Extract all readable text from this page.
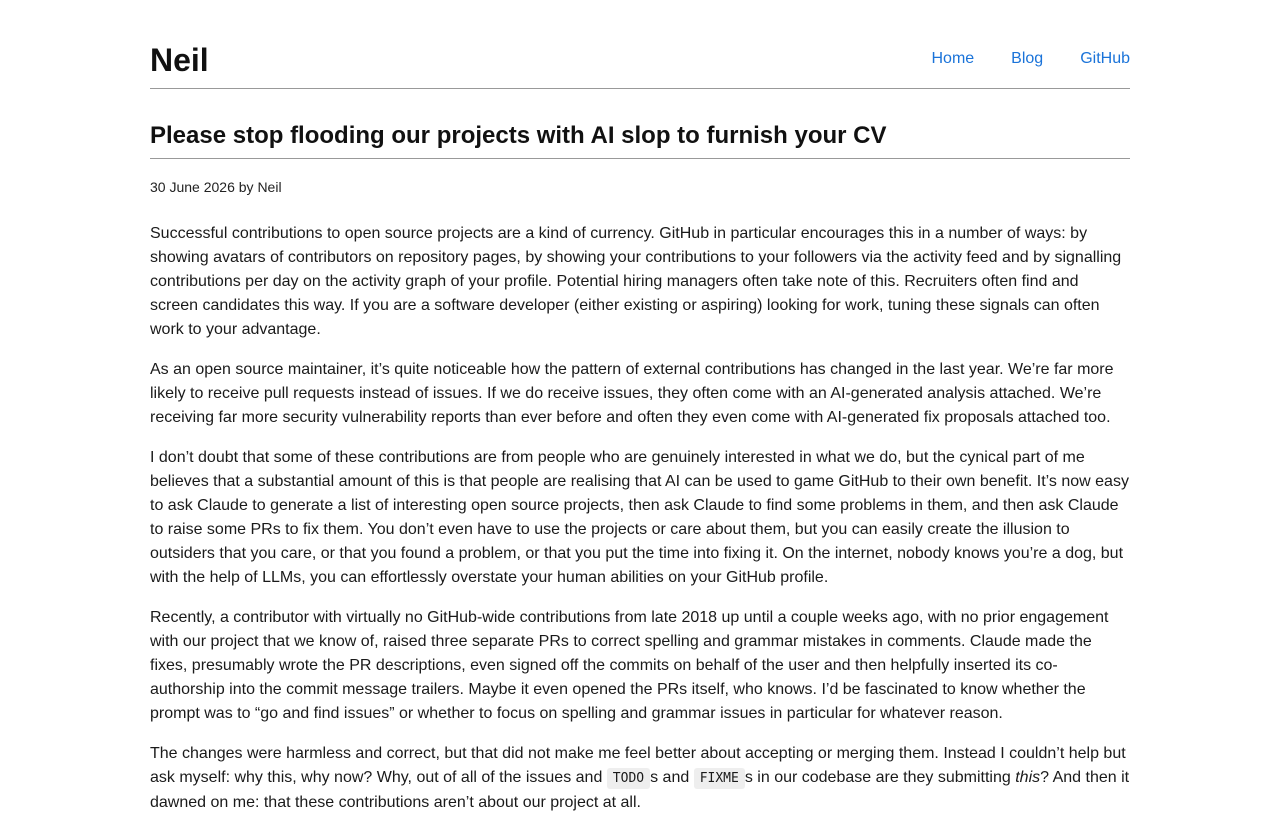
Neil	Home Blog GitHub
Please stop flooding our projects with AI slop to furnish your CV
30 June 2026 by Neil

Successful contributions to open source projects are a kind of currency. GitHub in particular encourages this in a number of ways: by showing avatars of contributors on repository pages, by showing your contributions to your followers via the activity feed and by signalling contributions per day on the activity graph of your profile. Potential hiring managers often take note of this. Recruiters often find and screen candidates this way. If you are a software developer (either existing or aspiring) looking for work, tuning these signals can often work to your advantage.

As an open source maintainer, it’s quite noticeable how the pattern of external contributions has changed in the last year. We’re far more likely to receive pull requests instead of issues. If we do receive issues, they often come with an AI-generated analysis attached. We’re receiving far more security vulnerability reports than ever before and often they even come with AI-generated fix proposals attached too.

I don’t doubt that some of these contributions are from people who are genuinely interested in what we do, but the cynical part of me believes that a substantial amount of this is that people are realising that AI can be used to game GitHub to their own benefit. It’s now easy to ask Claude to generate a list of interesting open source projects, then ask Claude to find some problems in them, and then ask Claude to raise some PRs to fix them. You don’t even have to use the projects or care about them, but you can easily create the illusion to outsiders that you care, or that you found a problem, or that you put the time into fixing it. On the internet, nobody knows you’re a dog, but with the help of LLMs, you can effortlessly overstate your human abilities on your GitHub profile.

Recently, a contributor with virtually no GitHub-wide contributions from late 2018 up until a couple weeks ago, with no prior engagement with our project that we know of, raised three separate PRs to correct spelling and grammar mistakes in comments. Claude made the fixes, presumably wrote the PR descriptions, even signed off the commits on behalf of the user and then helpfully inserted its co-authorship into the commit message trailers. Maybe it even opened the PRs itself, who knows. I’d be fascinated to know whether the prompt was to “go and find issues” or whether to focus on spelling and grammar issues in particular for whatever reason.

The changes were harmless and correct, but that did not make me feel better about accepting or merging them. Instead I couldn’t help but ask myself: why this, why now? Why, out of all of the issues and TODO s and FIXME s in our codebase are they submitting this? And then it dawned on me: that these contributions aren’t about our project at all.
